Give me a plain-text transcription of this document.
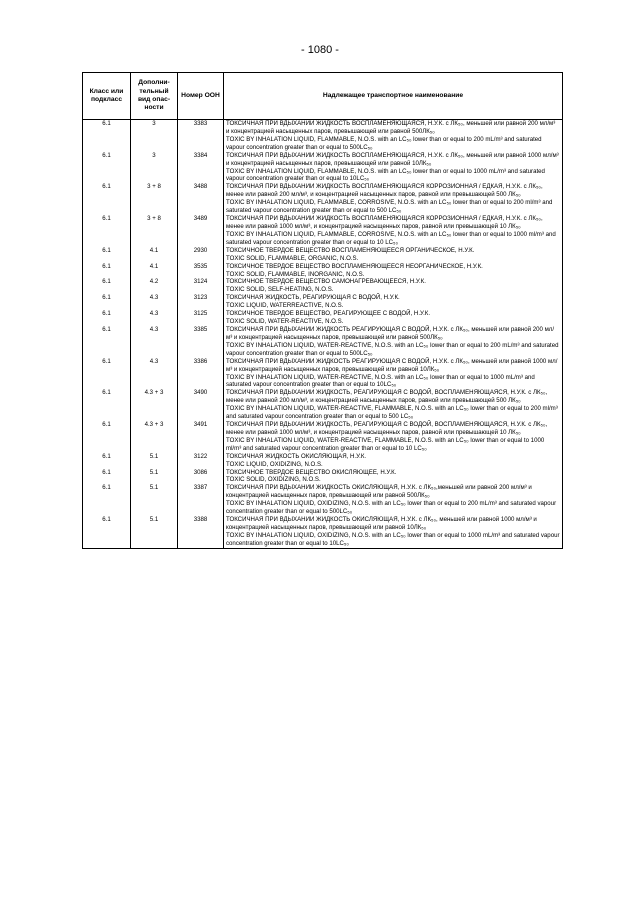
- 1080 -
Класс или подкласс	Дополни-тельный вид опас-ности	Номер ООН	Надлежащее транспортное наименование
6.1	3	3383	ТОКСИЧНАЯ ПРИ ВДЫХАНИИ ЖИДКОСТЬ ВОСПЛАМЕНЯЮЩАЯСЯ, Н.У.К. с ЛК₅₀, меньшей или равной 200 мл/м³ и концентрацией насыщенных паров, превышающей или равной 500ЛК₅₀
TOXIC BY INHALATION LIQUID, FLAMMABLE, N.O.S. with an LC₅₀ lower than or equal to 200 mL/m³ and saturated vapour concentration greater than or equal to 500LC₅₀

6.1	3	3384	ТОКСИЧНАЯ ПРИ ВДЫХАНИИ ЖИДКОСТЬ ВОСПЛАМЕНЯЮЩАЯСЯ, Н.У.К. с ЛК₅₀, меньшей или равной 1000 мл/м³ и концентрацией насыщенных паров, превышающей или равной 10ЛК₅₀
TOXIC BY INHALATION LIQUID, FLAMMABLE, N.O.S. with an LC₅₀ lower than or equal to 1000 mL/m³ and saturated vapour concentration greater than or equal to 10LC₅₀

6.1	3 + 8	3488	ТОКСИЧНАЯ ПРИ ВДЫХАНИИ ЖИДКОСТЬ ВОСПЛАМЕНЯЮЩАЯСЯ КОРРОЗИОННАЯ / ЕДКАЯ, Н.У.К. с ЛК₅₀, менее или равной 200 мл/м³, и концентрацией насыщенных паров, равной или превышающей 500 ЛК₅₀
TOXIC BY INHALATION LIQUID, FLAMMABLE, CORROSIVE, N.O.S. with an LC₅₀ lower than or equal to 200 ml/m³ and saturated vapour concentration greater than or equal to 500 LC₅₀

6.1	3 + 8	3489	ТОКСИЧНАЯ ПРИ ВДЫХАНИИ ЖИДКОСТЬ ВОСПЛАМЕНЯЮЩАЯСЯ КОРРОЗИОННАЯ / ЕДКАЯ, Н.У.К. с ЛК₅₀, менее или равной 1000 мл/м³, и концентрацией насыщенных паров, равной или превышающей 10 ЛК₅₀
TOXIC BY INHALATION LIQUID, FLAMMABLE, CORROSIVE, N.O.S. with an LC₅₀ lower than or equal to 1000 ml/m³ and saturated vapour concentration greater than or equal to 10 LC₅₀

6.1	4.1	2930	ТОКСИЧНОЕ ТВЕРДОЕ ВЕЩЕСТВО ВОСПЛАМЕНЯЮЩЕЕСЯ ОРГАНИЧЕСКОЕ, Н.У.К.
TOXIC SOLID, FLAMMABLE, ORGANIC, N.O.S.

6.1	4.1	3535	ТОКСИЧНОЕ ТВЕРДОЕ ВЕЩЕСТВО ВОСПЛАМЕНЯЮЩЕЕСЯ НЕОРГАНИЧЕСКОЕ, Н.У.К.
TOXIC SOLID, FLAMMABLE, INORGANIC, N.O.S.

6.1	4.2	3124	ТОКСИЧНОЕ ТВЕРДОЕ ВЕЩЕСТВО САМОНАГРЕВАЮЩЕЕСЯ, Н.У.К.
TOXIC SOLID, SELF-HEATING, N.O.S.

6.1	4.3	3123	ТОКСИЧНАЯ ЖИДКОСТЬ, РЕАГИРУЮЩАЯ С ВОДОЙ, Н.У.К.
TOXIC LIQUID, WATERREACTIVE, N.O.S.

6.1	4.3	3125	ТОКСИЧНОЕ ТВЕРДОЕ ВЕЩЕСТВО, РЕАГИРУЮЩЕЕ С ВОДОЙ, Н.У.К.
TOXIC SOLID, WATER-REACTIVE, N.O.S.

6.1	4.3	3385	ТОКСИЧНАЯ ПРИ ВДЫХАНИИ ЖИДКОСТЬ РЕАГИРУЮЩАЯ С ВОДОЙ, Н.У.К. с ЛК₅₀, меньшей или равной 200 мл/м³ и концентрацией насыщенных паров, превышающей или равной 500ЛК₅₀
TOXIC BY INHALATION LIQUID, WATER-REACTIVE, N.O.S. with an LC₅₀ lower than or equal to 200 mL/m³ and saturated vapour concentration greater than or equal to 500LC₅₀

6.1	4.3	3386	ТОКСИЧНАЯ ПРИ ВДЫХАНИИ ЖИДКОСТЬ РЕАГИРУЮЩАЯ С ВОДОЙ, Н.У.К. с ЛК₅₀, меньшей или равной 1000 мл/м³ и концентрацией насыщенных паров, превышающей или равной 10ЛК₅₀
TOXIC BY INHALATION LIQUID, WATER-REACTIVE, N.O.S. with an LC₅₀ lower than or equal to 1000 mL/m³ and saturated vapour concentration greater than or equal to 10LC₅₀

6.1	4.3 + 3	3490	ТОКСИЧНАЯ ПРИ ВДЫХАНИИ ЖИДКОСТЬ, РЕАГИРУЮЩАЯ С ВОДОЙ, ВОСПЛАМЕНЯЮЩАЯСЯ, Н.У.К. с ЛК₅₀, менее или равной 200 мл/м³, и концентрацией насыщенных паров, равной или превышающей 500 ЛК₅₀
TOXIC BY INHALATION LIQUID, WATER-REACTIVE, FLAMMABLE, N.O.S. with an LC₅₀ lower than or equal to 200 ml/m³ and saturated vapour concentration greater than or equal to 500 LC₅₀

6.1	4.3 + 3	3491	ТОКСИЧНАЯ ПРИ ВДЫХАНИИ ЖИДКОСТЬ, РЕАГИРУЮЩАЯ С ВОДОЙ, ВОСПЛАМЕНЯЮЩАЯСЯ, Н.У.К. с ЛК₅₀, менее или равной 1000 мл/м³, и концентрацией насыщенных паров, равной или превышающей 10 ЛК₅₀
TOXIC BY INHALATION LIQUID, WATER-REACTIVE, FLAMMABLE, N.O.S. with an LC₅₀ lower than or equal to 1000 ml/m³ and saturated vapour concentration greater than or equal to 10 LC₅₀

6.1	5.1	3122	ТОКСИЧНАЯ ЖИДКОСТЬ ОКИСЛЯЮЩАЯ, Н.У.К.
TOXIC LIQUID, OXIDIZING, N.O.S.

6.1	5.1	3086	ТОКСИЧНОЕ ТВЕРДОЕ ВЕЩЕСТВО ОКИСЛЯЮЩЕЕ, Н.У.К.
TOXIC SOLID, OXIDIZING, N.O.S.

6.1	5.1	3387	ТОКСИЧНАЯ ПРИ ВДЫХАНИИ ЖИДКОСТЬ ОКИСЛЯЮЩАЯ, Н.У.К. с ЛК₅₀,меньшей или равной 200 мл/м³ и концентрацией насыщенных паров, превышающей или равной 500ЛК₅₀
TOXIC BY INHALATION LIQUID, OXIDIZING, N.O.S. with an LC₅₀ lower than or equal to 200 mL/m³ and saturated vapour concentration greater than or equal to 500LC₅₀

6.1	5.1	3388	ТОКСИЧНАЯ ПРИ ВДЫХАНИИ ЖИДКОСТЬ ОКИСЛЯЮЩАЯ, Н.У.К. с ЛК₅₀, меньшей или равной 1000 мл/м³ и концентрацией насыщенных паров, превышающей или равной 10ЛК₅₀
TOXIC BY INHALATION LIQUID, OXIDIZING, N.O.S. with an LC₅₀ lower than or equal to 1000 mL/m³ and saturated vapour concentration greater than or equal to 10LC₅₀
